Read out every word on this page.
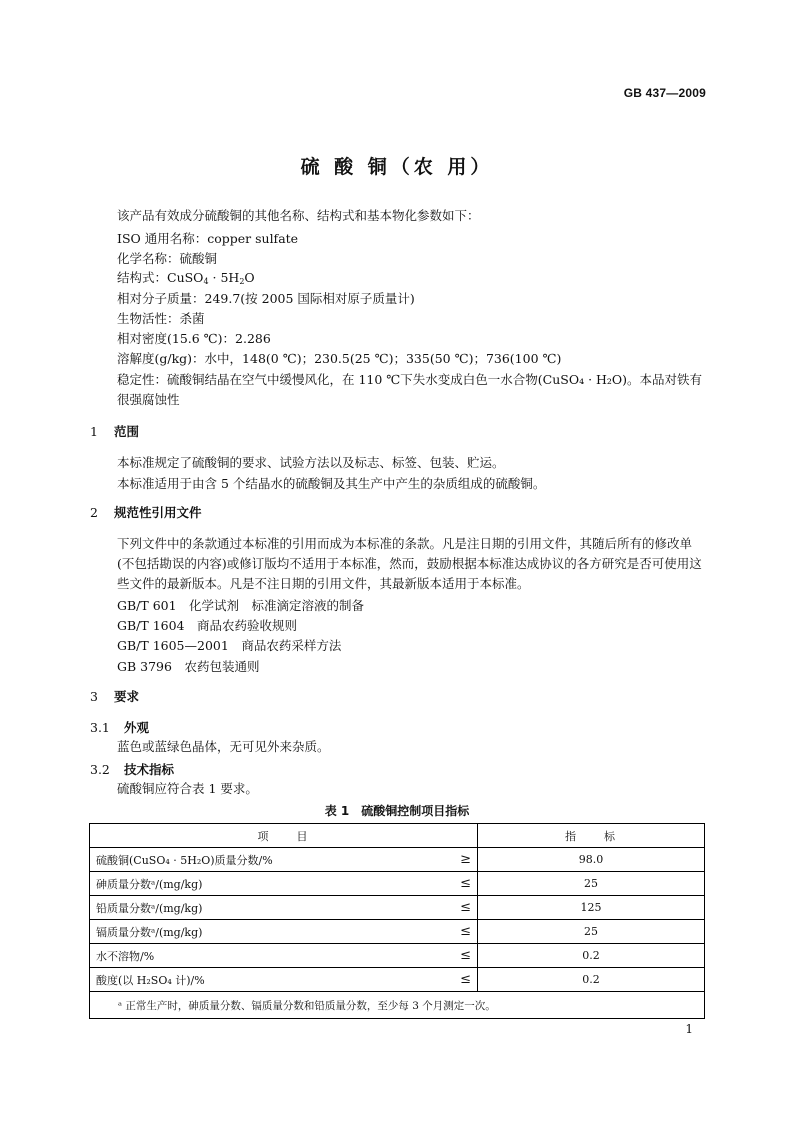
GB 437—2009
硫 酸 铜（农 用）
该产品有效成分硫酸铜的其他名称、结构式和基本物化参数如下：
ISO 通用名称：copper sulfate
化学名称：硫酸铜
结构式：CuSO$_4$ · $5H_2O$
相对分子质量：249.7(按 2005 国际相对原子质量计)
生物活性：杀菌
相对密度(15.6 ℃)：2.286
溶解度(g/kg)：水中，148(0 ℃)；230.5(25 ℃)；335(50 ℃)；736(100 ℃)
稳定性：硫酸铜结晶在空气中缓慢风化，在 110 ℃下失水变成白色一水合物(CuSO₄ · H₂O)。本品对铁有很强腐蚀性
1 范围
本标准规定了硫酸铜的要求、试验方法以及标志、标签、包装、贮运。
本标准适用于由含 5 个结晶水的硫酸铜及其生产中产生的杂质组成的硫酸铜。
2 规范性引用文件
下列文件中的条款通过本标准的引用而成为本标准的条款。凡是注日期的引用文件，其随后所有的修改单(不包括勘误的内容)或修订版均不适用于本标准，然而，鼓励根据本标准达成协议的各方研究是否可使用这些文件的最新版本。凡是不注日期的引用文件，其最新版本适用于本标准。
GB/T 601　化学试剂　标准滴定溶液的制备
GB/T 1604　商品农药验收规则
GB/T 1605—2001　商品农药采样方法
GB 3796　农药包装通则
3 要求
3.1 外观
蓝色或蓝绿色晶体，无可见外来杂质。
3.2 技术指标
硫酸铜应符合表 1 要求。
表 1　硫酸铜控制项目指标
项　　目		指　　标
硫酸铜(CuSO₄ · 5H₂O)质量分数/%	≥	98.0
砷质量分数ᵃ/(mg/kg)	≤	25
铅质量分数ᵃ/(mg/kg)	≤	125
镉质量分数ᵃ/(mg/kg)	≤	25
水不溶物/%	≤	0.2
酸度(以 H₂SO₄ 计)/%	≤	0.2
ᵃ 正常生产时，砷质量分数、镉质量分数和铅质量分数，至少每 3 个月测定一次。		
1
